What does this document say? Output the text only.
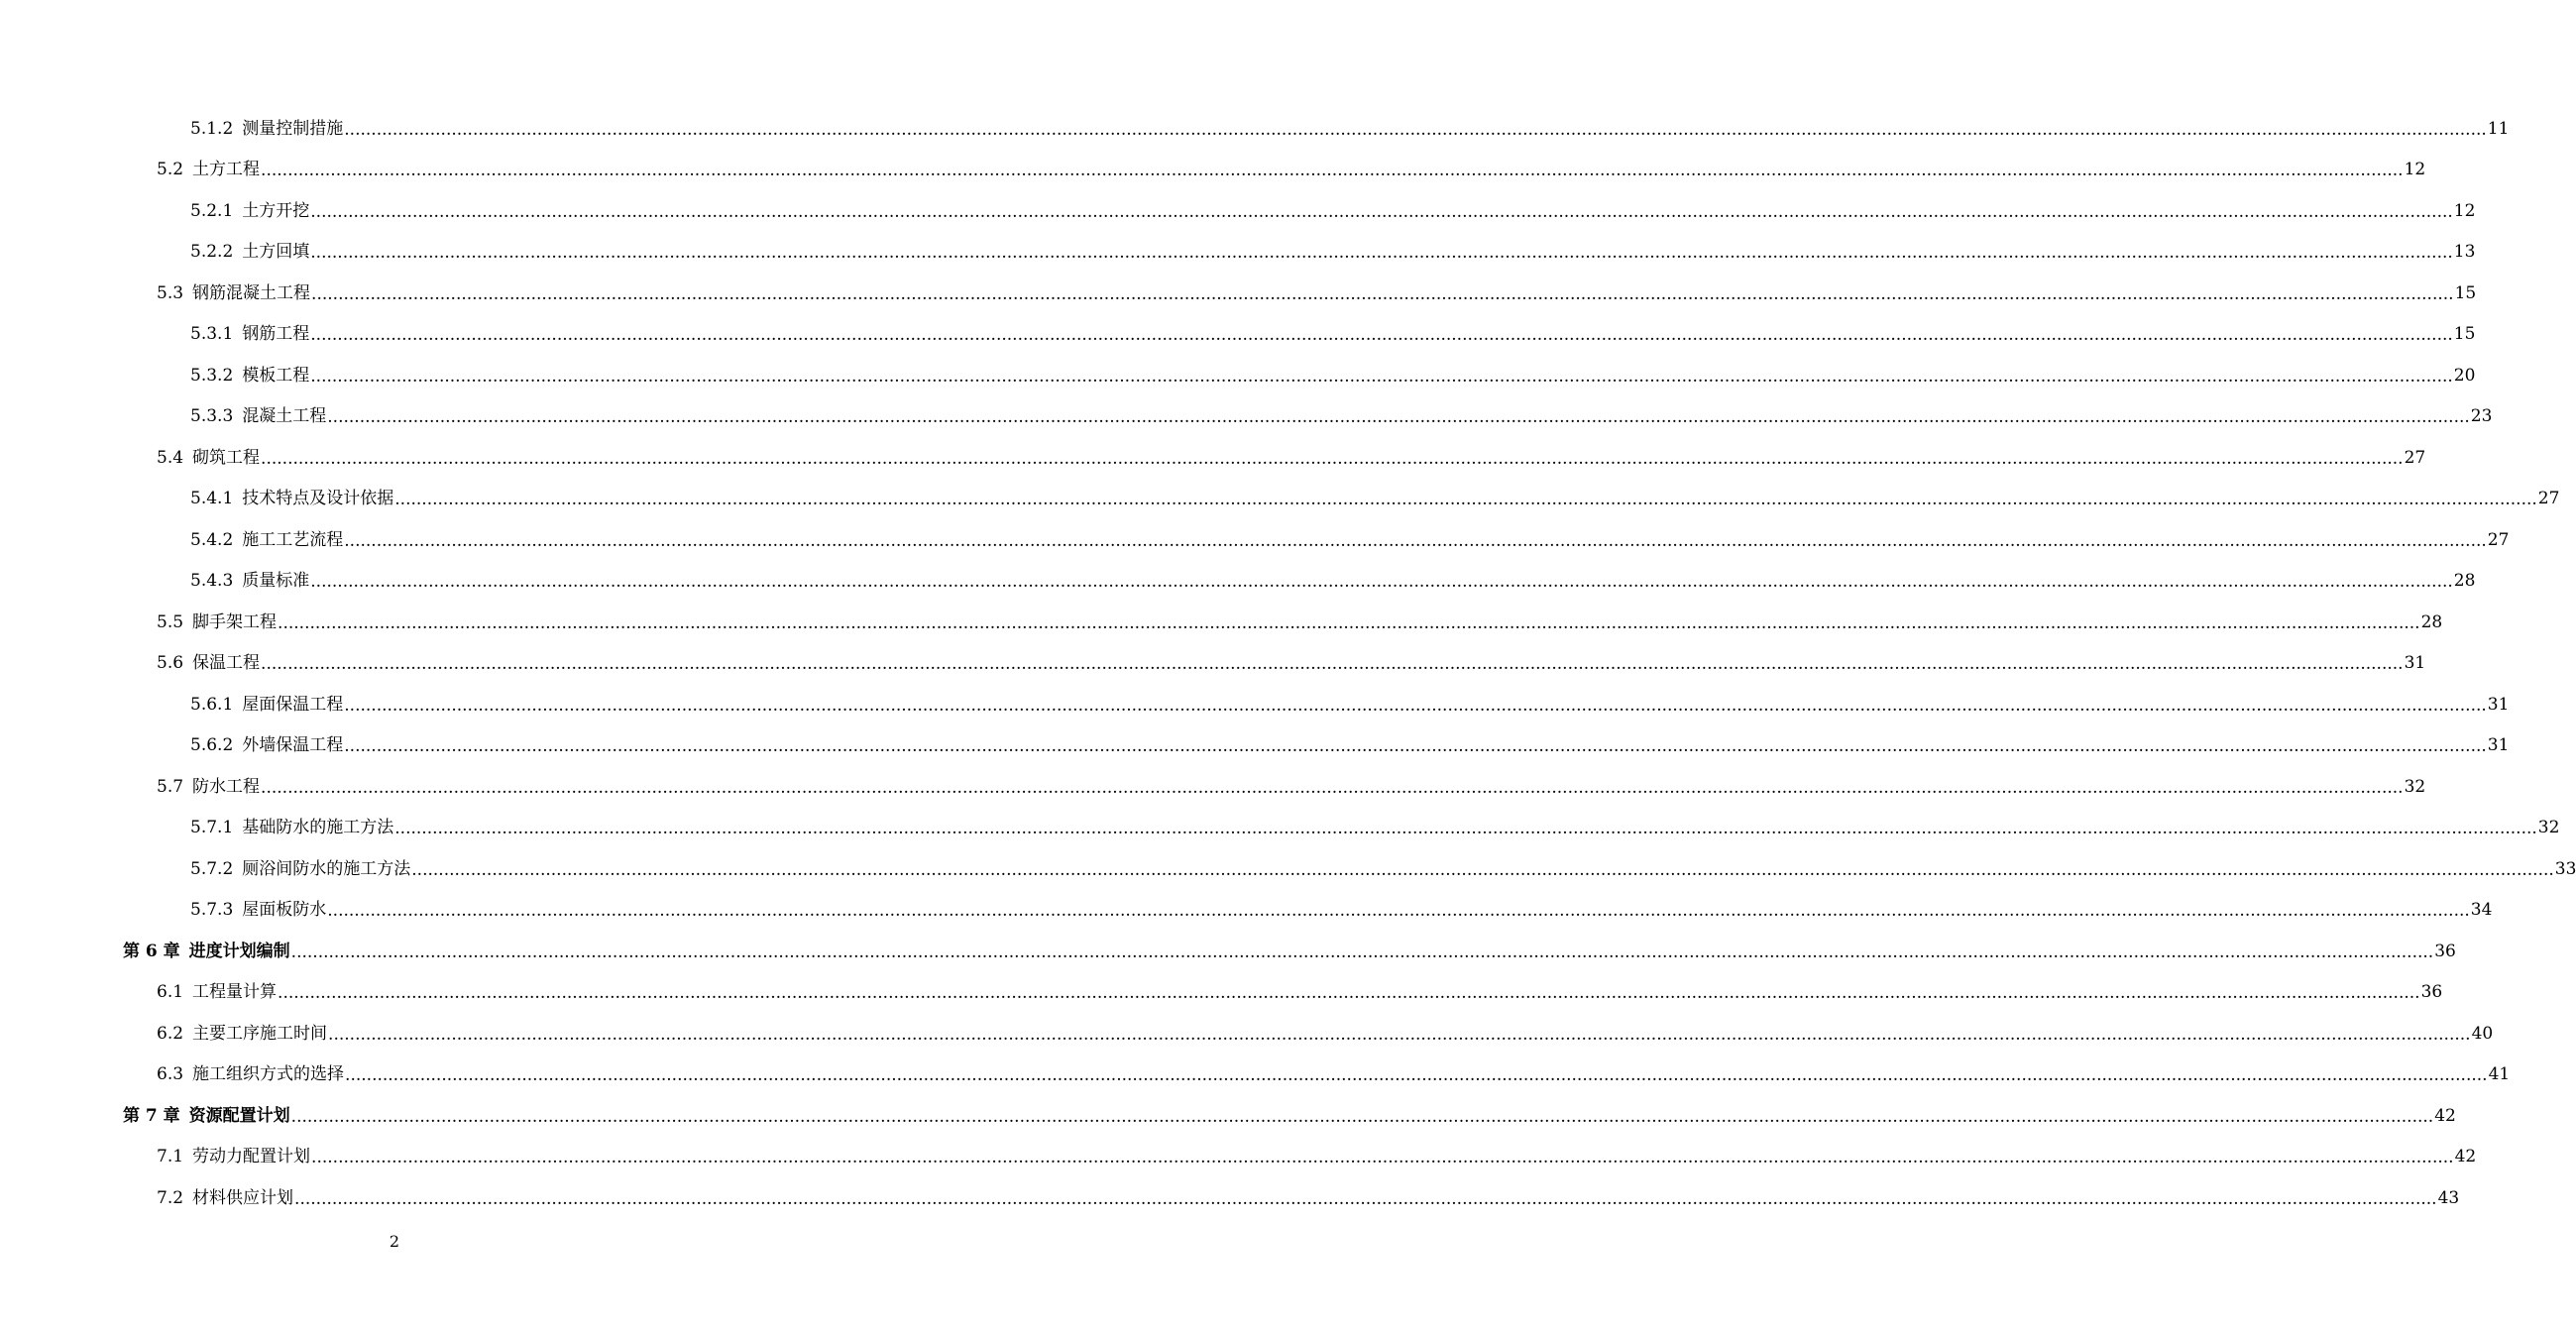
5.1.2 测量控制措施 ................................................................................................................................................................................................................................................................................................................................................................................................................ 11
5.2 土方工程 ................................................................................................................................................................................................................................................................................................................................................................................................................ 12
5.2.1 土方开挖 ................................................................................................................................................................................................................................................................................................................................................................................................................ 12
5.2.2 土方回填 ................................................................................................................................................................................................................................................................................................................................................................................................................ 13
5.3 钢筋混凝土工程 ................................................................................................................................................................................................................................................................................................................................................................................................................ 15
5.3.1 钢筋工程 ................................................................................................................................................................................................................................................................................................................................................................................................................ 15
5.3.2 模板工程 ................................................................................................................................................................................................................................................................................................................................................................................................................ 20
5.3.3 混凝土工程 ................................................................................................................................................................................................................................................................................................................................................................................................................ 23
5.4 砌筑工程 ................................................................................................................................................................................................................................................................................................................................................................................................................ 27
5.4.1 技术特点及设计依据 ................................................................................................................................................................................................................................................................................................................................................................................................................ 27
5.4.2 施工工艺流程 ................................................................................................................................................................................................................................................................................................................................................................................................................ 27
5.4.3 质量标准 ................................................................................................................................................................................................................................................................................................................................................................................................................ 28
5.5 脚手架工程 ................................................................................................................................................................................................................................................................................................................................................................................................................ 28
5.6 保温工程 ................................................................................................................................................................................................................................................................................................................................................................................................................ 31
5.6.1 屋面保温工程 ................................................................................................................................................................................................................................................................................................................................................................................................................ 31
5.6.2 外墙保温工程 ................................................................................................................................................................................................................................................................................................................................................................................................................ 31
5.7 防水工程 ................................................................................................................................................................................................................................................................................................................................................................................................................ 32
5.7.1 基础防水的施工方法 ................................................................................................................................................................................................................................................................................................................................................................................................................ 32
5.7.2 厕浴间防水的施工方法 ................................................................................................................................................................................................................................................................................................................................................................................................................ 33
5.7.3 屋面板防水 ................................................................................................................................................................................................................................................................................................................................................................................................................ 34
第 6 章 进度计划编制 ................................................................................................................................................................................................................................................................................................................................................................................................................ 36
6.1 工程量计算 ................................................................................................................................................................................................................................................................................................................................................................................................................ 36
6.2 主要工序施工时间 ................................................................................................................................................................................................................................................................................................................................................................................................................ 40
6.3 施工组织方式的选择 ................................................................................................................................................................................................................................................................................................................................................................................................................ 41
第 7 章 资源配置计划 ................................................................................................................................................................................................................................................................................................................................................................................................................ 42
7.1 劳动力配置计划 ................................................................................................................................................................................................................................................................................................................................................................................................................ 42
7.2 材料供应计划 ................................................................................................................................................................................................................................................................................................................................................................................................................ 43
2
